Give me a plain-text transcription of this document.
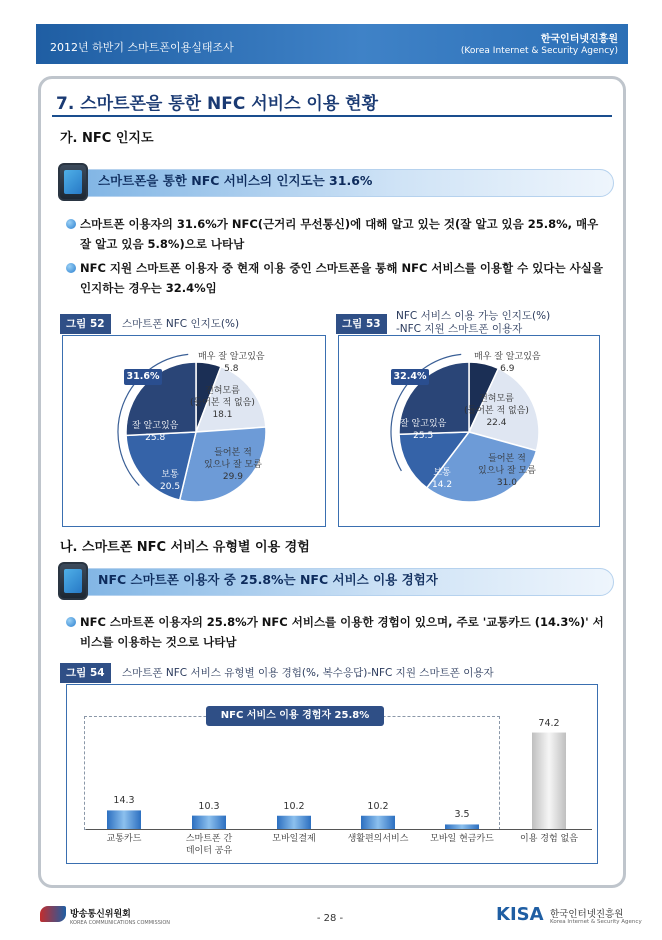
2012년 하반기 스마트폰이용실태조사
한국인터넷진흥원
(Korea Internet & Security Agency)
7. 스마트폰을 통한 NFC 서비스 이용 현황
가. NFC 인지도
스마트폰을 통한 NFC 서비스의 인지도는 31.6%
스마트폰 이용자의 31.6%가 NFC(근거리 무선통신)에 대해 알고 있는 것(잘 알고 있음 25.8%, 매우 잘 알고 있음 5.8%)으로 나타남
NFC 지원 스마트폰 이용자 중 현재 이용 중인 스마트폰을 통해 NFC 서비스를 이용할 수 있다는 사실을 인지하는 경우는 32.4%임
그림 52	스마트폰 NFC 인지도(%)
31.6%
매우 잘 알고있음
5.8
전혀모름
(들어본 적 없음)
18.1
들어본 적
있으나 잘 모름
29.9
보통
20.5
잘 알고있음
25.8
그림 53
NFC 서비스 이용 가능 인지도(%)
-NFC 지원 스마트폰 이용자
32.4%
매우 잘 알고있음
6.9
전혀모름
(들어본 적 없음)
22.4
들어본 적
있으나 잘 모름
31.0
보통
14.2
잘 알고있음
25.5
나. 스마트폰 NFC 서비스 유형별 이용 경험
NFC 스마트폰 이용자 중 25.8%는 NFC 서비스 이용 경험자
NFC 스마트폰 이용자의 25.8%가 NFC 서비스를 이용한 경험이 있으며, 주로 '교통카드 (14.3%)' 서비스를 이용하는 것으로 나타남
그림 54	스마트폰 NFC 서비스 유형별 이용 경험(%, 복수응답)-NFC 지원 스마트폰 이용자
NFC 서비스 이용 경험자 25.8%
14.3
교통카드
10.3
스마트폰 간
데이터 공유
10.2
모바일결제
10.2
생활편의서비스
3.5
모바일 현금카드
74.2
이용 경험 없음
방송통신위원회
KOREA COMMUNICATIONS COMMISSION	- 28 -	KISA 한국인터넷진흥원
Korea Internet & Security Agency
